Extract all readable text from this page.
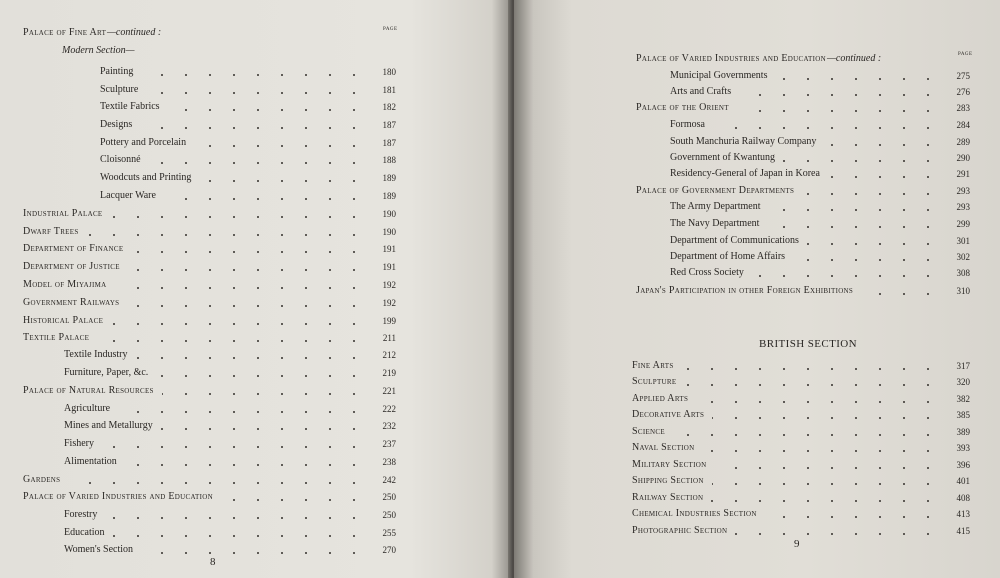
PAGE
Palace of Fine Art —continued :
Modern Section—
Painting	180
Sculpture	181
Textile Fabrics	182
Designs	187
Pottery and Porcelain	187
Cloisonné	188
Woodcuts and Printing	189
Lacquer Ware	189
Industrial Palace	190
Dwarf Trees	190
Department of Finance	191
Department of Justice	191
Model of Miyajima	192
Government Railways	192
Historical Palace	199
Textile Palace	211
Textile Industry	212
Furniture, Paper, &c.	219
Palace of Natural Resources	221
Agriculture	222
Mines and Metallurgy	232
Fishery	237
Alimentation	238
Gardens	242
Palace of Varied Industries and Education	250
Forestry	250
Education	255
Women's Section	270
8
PAGE
Palace of Varied Industries and Education —continued :
Municipal Governments	275
Arts and Crafts	276
Palace of the Orient	283
Formosa	284
South Manchuria Railway Company	289
Government of Kwantung	290
Residency-General of Japan in Korea	291
Palace of Government Departments	293
The Army Department	293
The Navy Department	299
Department of Communications	301
Department of Home Affairs	302
Red Cross Society	308
Japan's Participation in other Foreign Exhibitions	310
BRITISH SECTION
Fine Arts	317
Sculpture	320
Applied Arts	382
Decorative Arts	385
Science	389
Naval Section	393
Military Section	396
Shipping Section	401
Railway Section	408
Chemical Industries Section	413
Photographic Section	415
9
